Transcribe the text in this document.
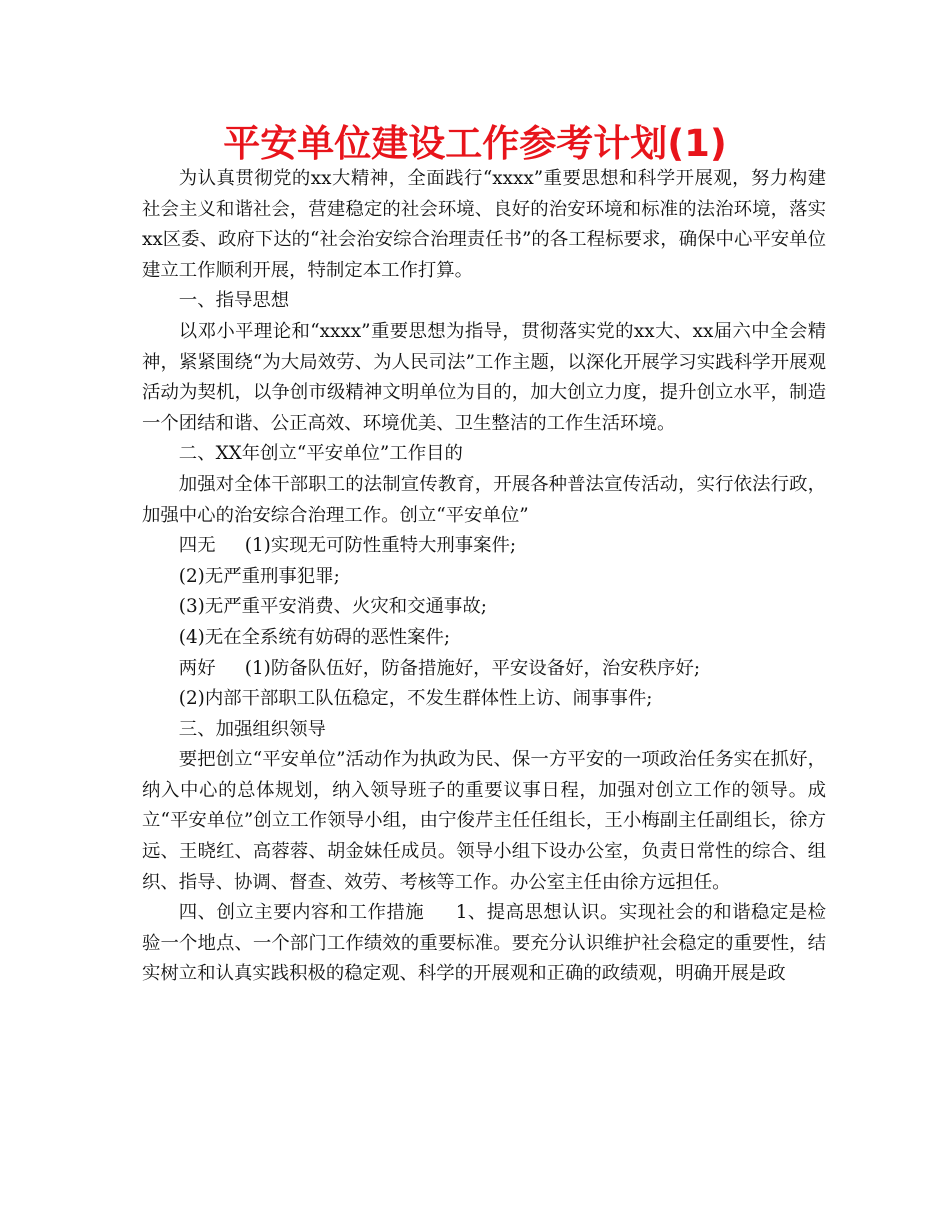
平安单位建设工作参考计划(1)

为认真贯彻党的xx大精神，全面践行“xxxx”重要思想和科学开展观，努力构建社会主义和谐社会，营建稳定的社会环境、良好的治安环境和标准的法治环境，落实xx区委、政府下达的“社会治安综合治理责任书”的各工程标要求，确保中心平安单位建立工作顺利开展，特制定本工作打算。

一、指导思想

以邓小平理论和“xxxx”重要思想为指导，贯彻落实党的xx大、xx届六中全会精神，紧紧围绕“为大局效劳、为人民司法”工作主题，以深化开展学习实践科学开展观活动为契机，以争创市级精神文明单位为目的，加大创立力度，提升创立水平，制造一个团结和谐、公正高效、环境优美、卫生整洁的工作生活环境。

二、XX年创立“平安单位”工作目的

加强对全体干部职工的法制宣传教育，开展各种普法宣传活动，实行依法行政，加强中心的治安综合治理工作。创立“平安单位”

四无     (1)实现无可防性重特大刑事案件;

(2)无严重刑事犯罪;

(3)无严重平安消费、火灾和交通事故;

(4)无在全系统有妨碍的恶性案件;

两好     (1)防备队伍好，防备措施好，平安设备好，治安秩序好;

(2)内部干部职工队伍稳定，不发生群体性上访、闹事事件;

三、加强组织领导

要把创立“平安单位”活动作为执政为民、保一方平安的一项政治任务实在抓好，纳入中心的总体规划，纳入领导班子的重要议事日程，加强对创立工作的领导。成立“平安单位”创立工作领导小组，由宁俊芹主任任组长，王小梅副主任副组长，徐方远、王晓红、高蓉蓉、胡金妹任成员。领导小组下设办公室，负责日常性的综合、组织、指导、协调、督查、效劳、考核等工作。办公室主任由徐方远担任。

四、创立主要内容和工作措施     1、提高思想认识。实现社会的和谐稳定是检验一个地点、一个部门工作绩效的重要标准。要充分认识维护社会稳定的重要性，结实树立和认真实践积极的稳定观、科学的开展观和正确的政绩观，明确开展是政
